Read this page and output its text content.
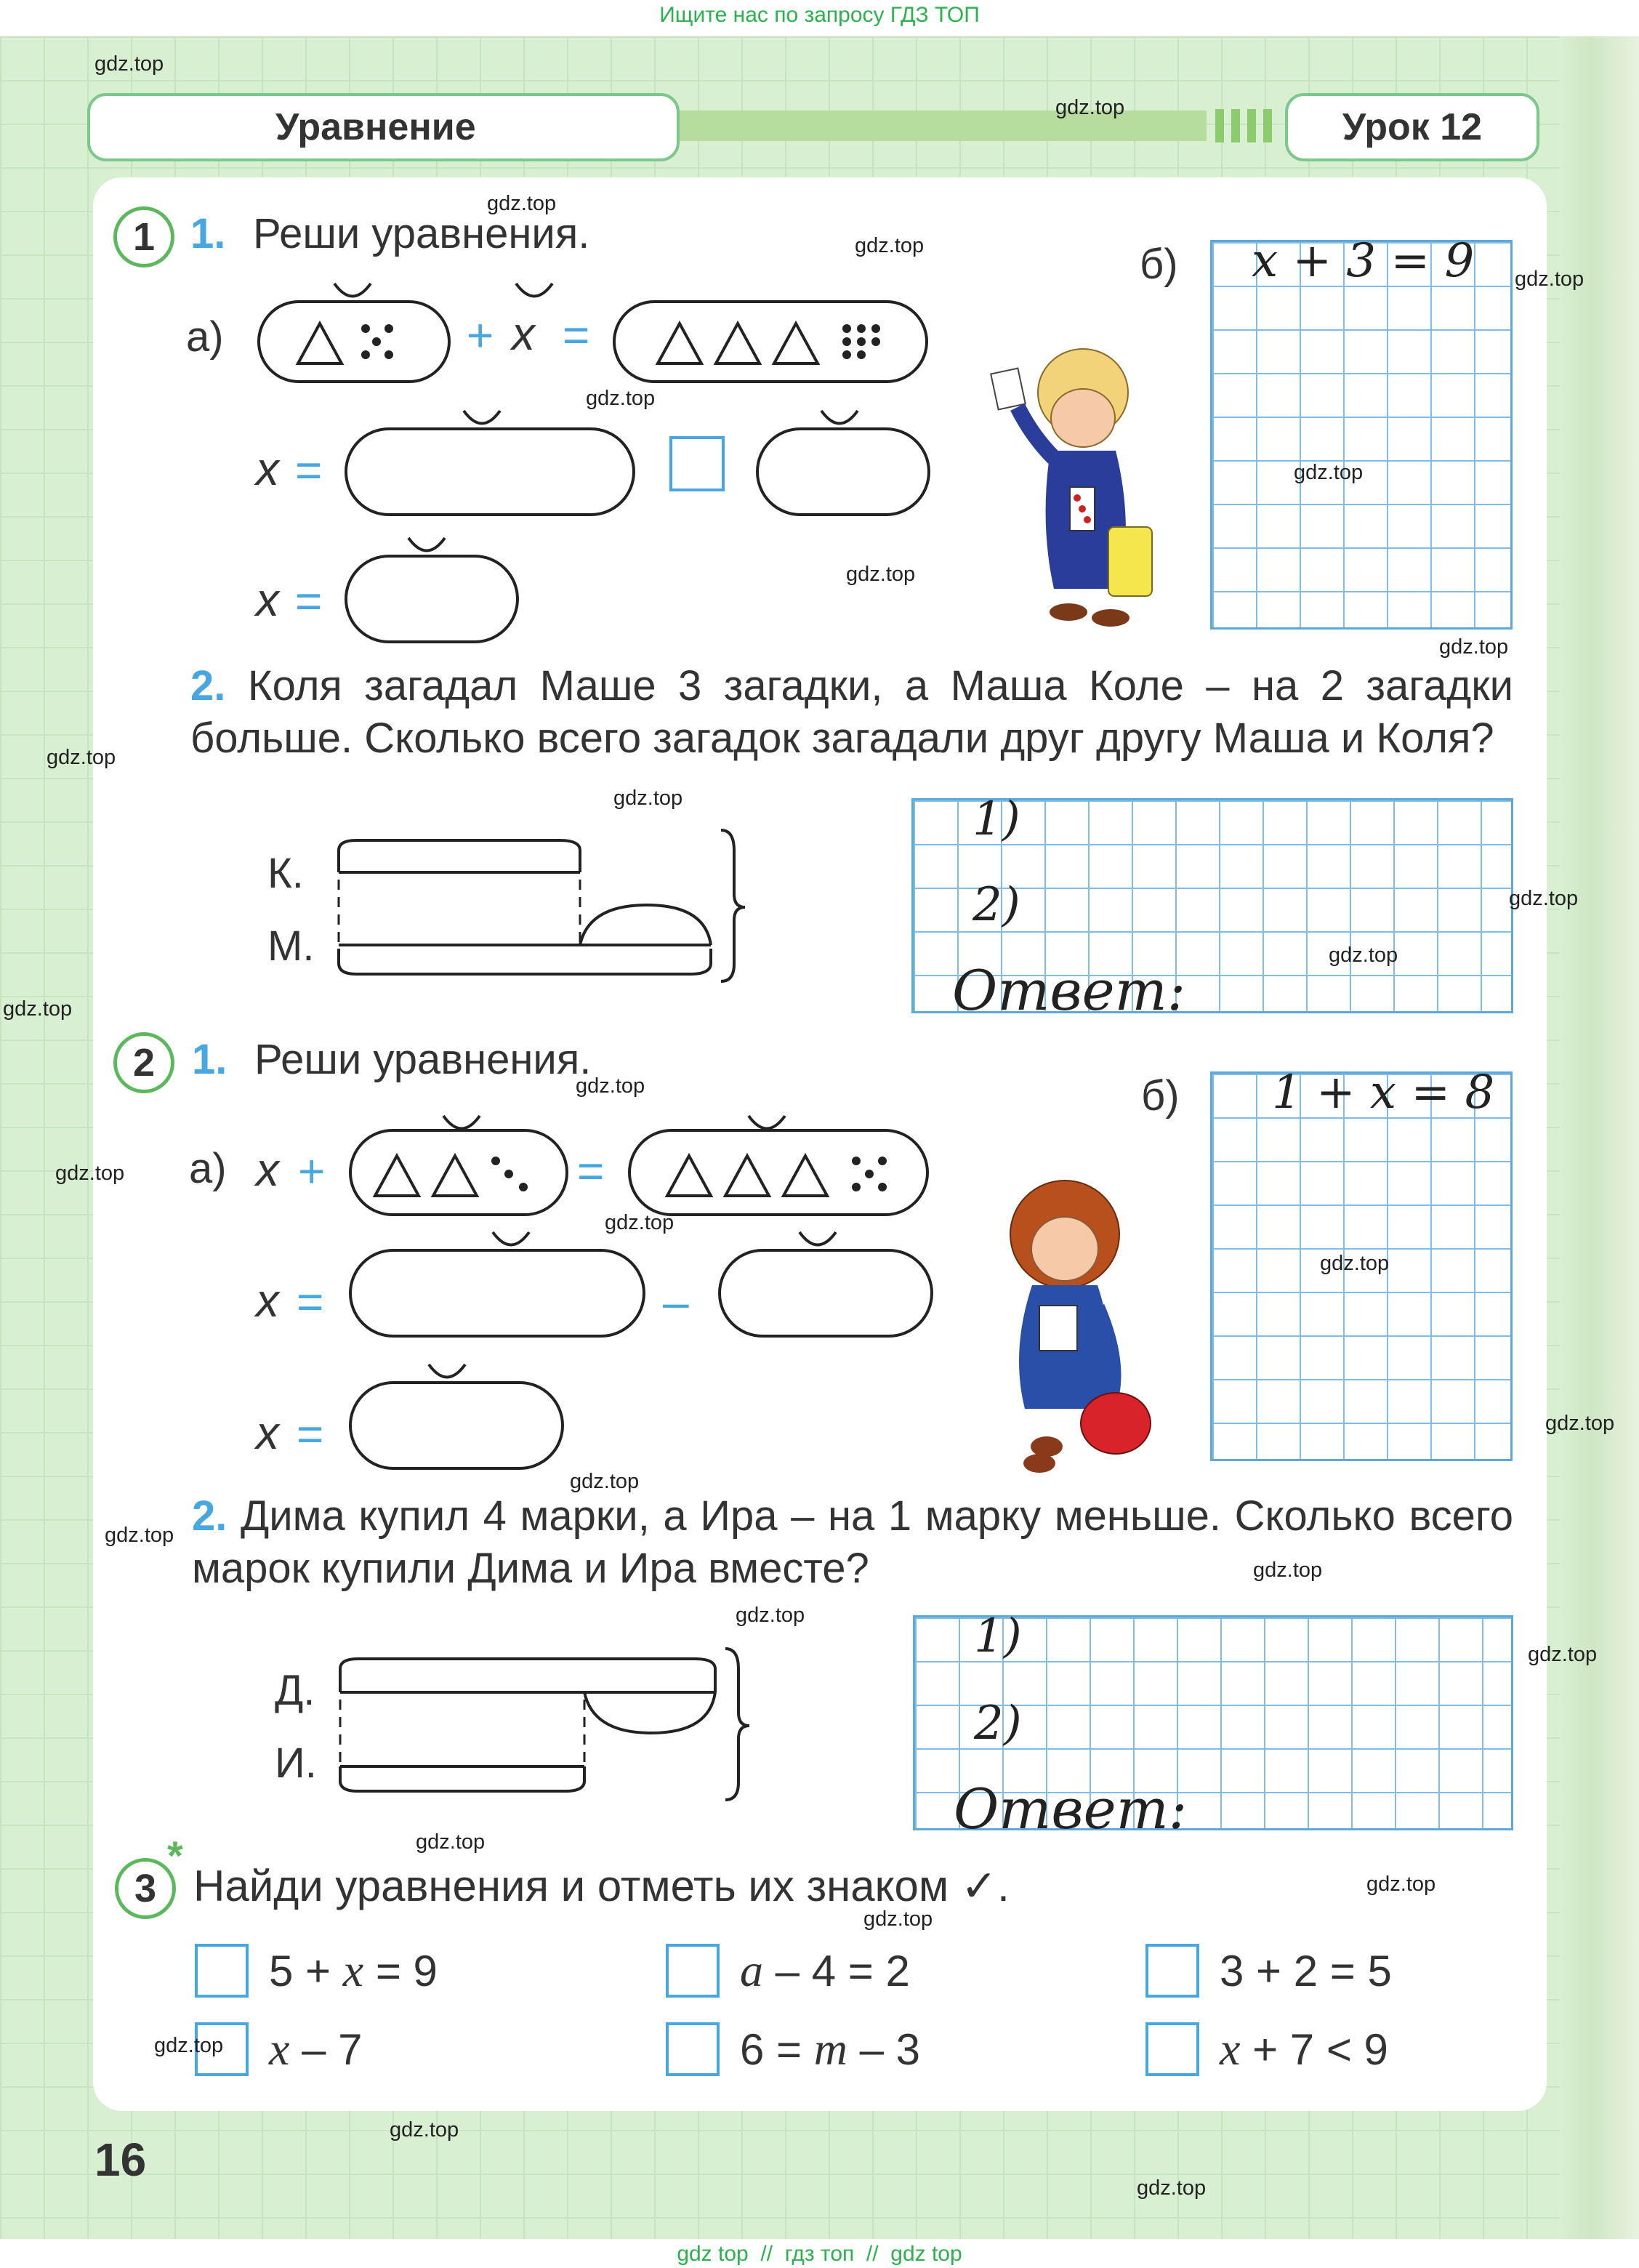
Ищите нас по запросу ГДЗ ТОП
Уравнение	Урок 12
1 1. Реши уравнения.
а)	+ x =
x =
x =
б) x + 3 = 9
2. Коля загадал Маше 3 загадки, а Маша Коле – на 2 загадки больше. Сколько всего загадок загадали друг другу Маша и Коля?
К.
М.
1)
2)
Ответ:
2 1. Реши уравнения.
а) x +	=
x =	–
x =
б) 1 + x = 8
2. Дима купил 4 марки, а Ира – на 1 марку меньше. Сколько всего марок купили Дима и Ира вместе?
Д.
И.
1)
2)
Ответ:
3
*
Найди уравнения и отметь их знаком ✓.
5 + x = 9	a – 4 = 2	3 + 2 = 5
x – 7	6 = m – 3	x + 7 < 9
16
gdz.top
gdz.top
gdz.top
gdz.top
gdz.top
gdz.top
gdz.top
gdz.top
gdz.top
gdz.top
gdz.top
gdz.top
gdz.top
gdz.top
gdz.top
gdz.top
gdz.top
gdz.top
gdz.top
gdz.top
gdz.top
gdz.top
gdz.top
gdz.top
gdz.top
gdz.top
gdz.top
gdz.top
gdz.top
gdz.top
gdz top  //  гдз топ  //  gdz top
